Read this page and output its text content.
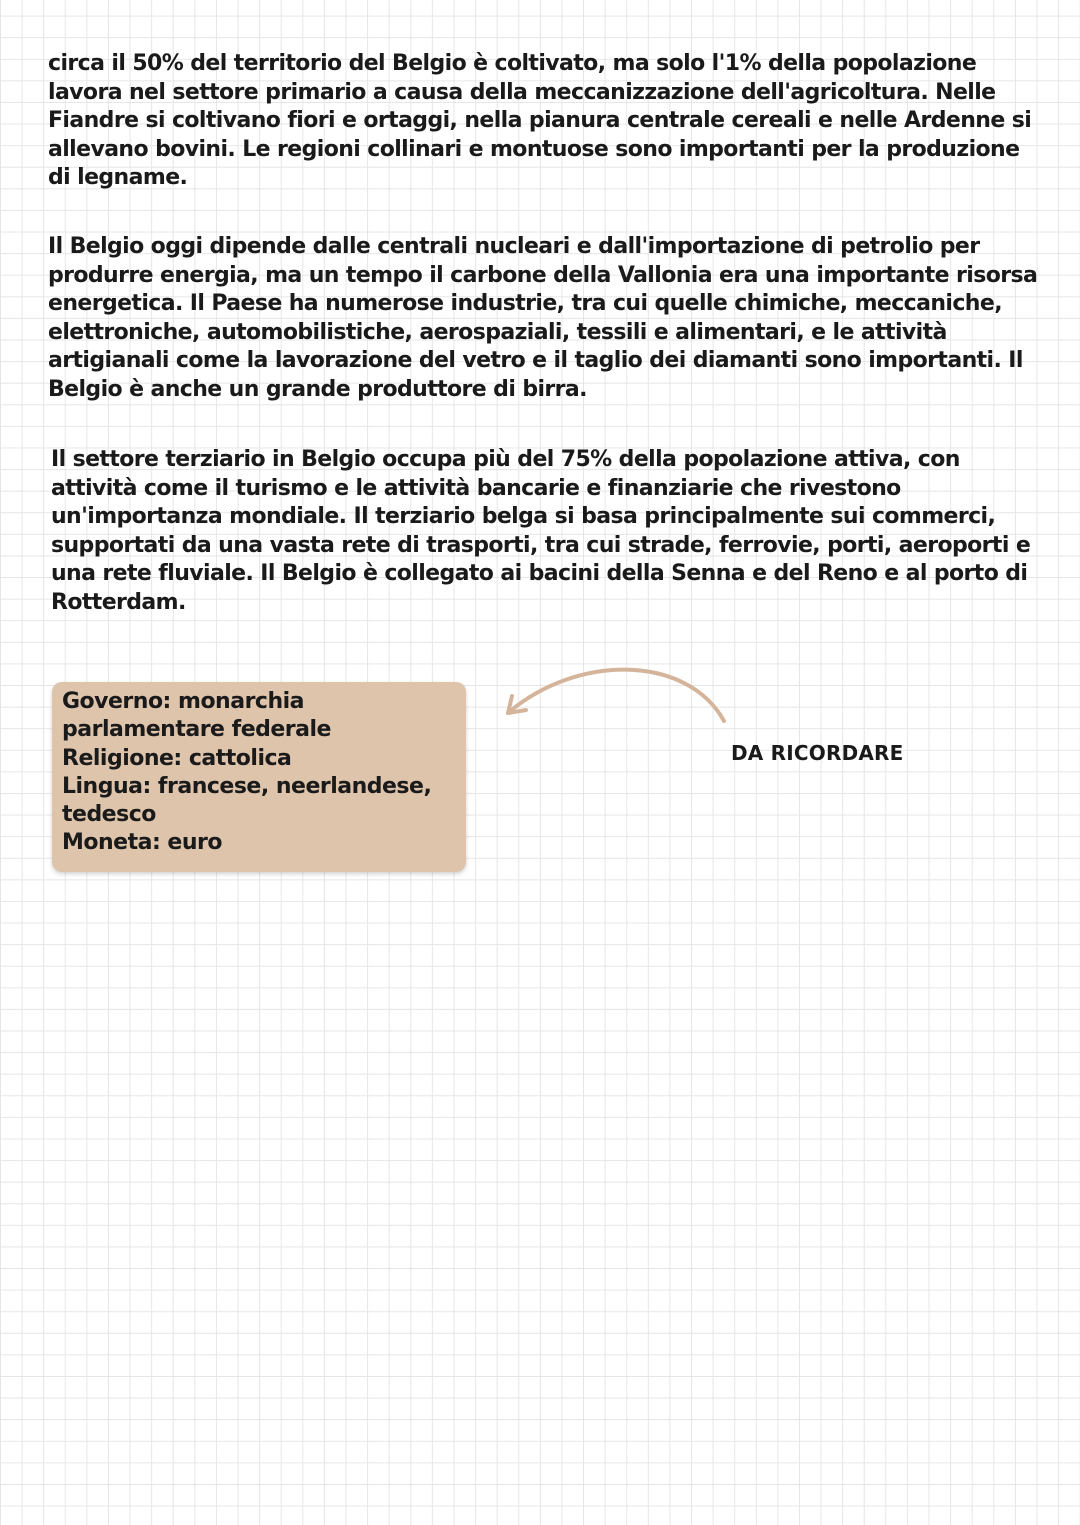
circa il 50% del territorio del Belgio è coltivato, ma solo l'1% della popolazione lavora nel settore primario a causa della meccanizzazione dell'agricoltura. Nelle Fiandre si coltivano fiori e ortaggi, nella pianura centrale cereali e nelle Ardenne si allevano bovini. Le regioni collinari e montuose sono importanti per la produzione di legname.

Il Belgio oggi dipende dalle centrali nucleari e dall'importazione di petrolio per produrre energia, ma un tempo il carbone della Vallonia era una importante risorsa energetica. Il Paese ha numerose industrie, tra cui quelle chimiche, meccaniche, elettroniche, automobilistiche, aerospaziali, tessili e alimentari, e le attività artigianali come la lavorazione del vetro e il taglio dei diamanti sono importanti. Il Belgio è anche un grande produttore di birra.

Il settore terziario in Belgio occupa più del 75% della popolazione attiva, con attività come il turismo e le attività bancarie e finanziarie che rivestono un'importanza mondiale. Il terziario belga si basa principalmente sui commerci, supportati da una vasta rete di trasporti, tra cui strade, ferrovie, porti, aeroporti e una rete fluviale. Il Belgio è collegato ai bacini della Senna e del Reno e al porto di Rotterdam.

Governo: monarchia
parlamentare federale
Religione: cattolica
Lingua: francese, neerlandese,
tedesco
Moneta: euro
DA RICORDARE
